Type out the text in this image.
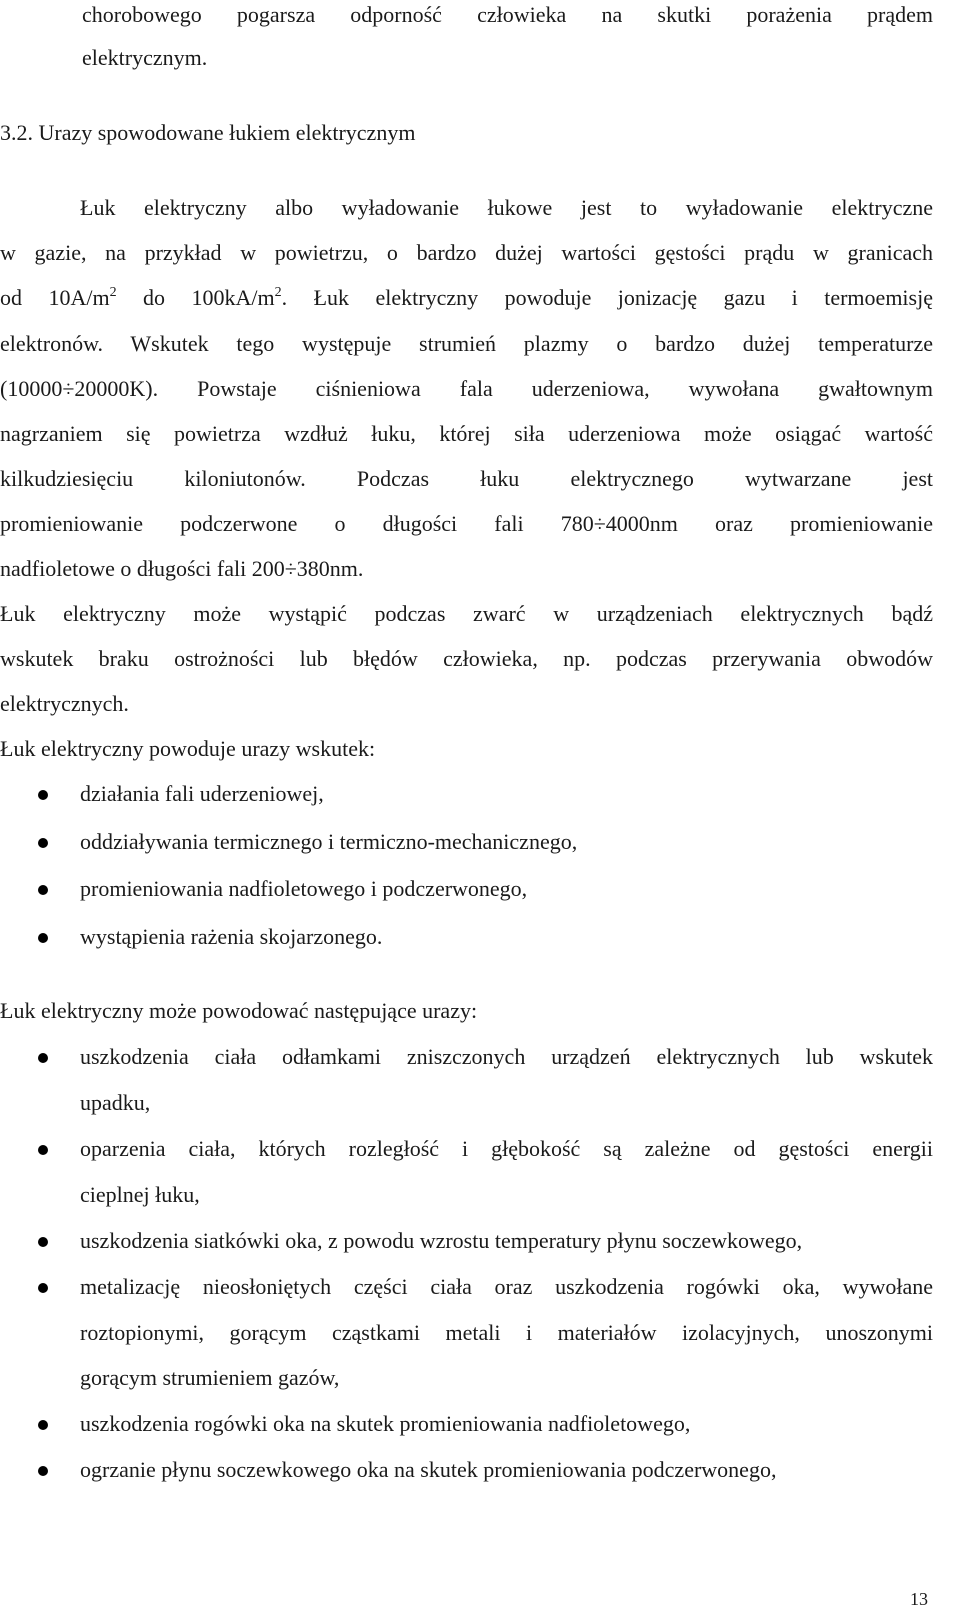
chorobowego pogarsza odporność człowieka na skutki porażenia prądem
elektrycznym.
3.2. Urazy spowodowane łukiem elektrycznym
Łuk elektryczny albo wyładowanie łukowe jest to wyładowanie elektryczne
w gazie, na przykład w powietrzu, o bardzo dużej wartości gęstości prądu w granicach
od $10A/m^2$ do $100kA/m^2$. Łuk elektryczny powoduje jonizację gazu i termoemisję
elektronów. Wskutek tego występuje strumień plazmy o bardzo dużej temperaturze
(10000÷20000K). Powstaje ciśnieniowa fala uderzeniowa, wywołana gwałtownym
nagrzaniem się powietrza wzdłuż łuku, której siła uderzeniowa może osiągać wartość
kilkudziesięciu kiloniutonów. Podczas łuku elektrycznego wytwarzane jest
promieniowanie podczerwone o długości fali 780÷4000nm oraz promieniowanie
nadfioletowe o długości fali 200÷380nm.
Łuk elektryczny może wystąpić podczas zwarć w urządzeniach elektrycznych bądź
wskutek braku ostrożności lub błędów człowieka, np. podczas przerywania obwodów
elektrycznych.
Łuk elektryczny powoduje urazy wskutek:
działania fali uderzeniowej,
oddziaływania termicznego i termiczno-mechanicznego,
promieniowania nadfioletowego i podczerwonego,
wystąpienia rażenia skojarzonego.
Łuk elektryczny może powodować następujące urazy:
uszkodzenia ciała odłamkami zniszczonych urządzeń elektrycznych lub wskutek
upadku,
oparzenia ciała, których rozległość i głębokość są zależne od gęstości energii
cieplnej łuku,
uszkodzenia siatkówki oka, z powodu wzrostu temperatury płynu soczewkowego,
metalizację nieosłoniętych części ciała oraz uszkodzenia rogówki oka, wywołane
roztopionymi, gorącym cząstkami metali i materiałów izolacyjnych, unoszonymi
gorącym strumieniem gazów,
uszkodzenia rogówki oka na skutek promieniowania nadfioletowego,
ogrzanie płynu soczewkowego oka na skutek promieniowania podczerwonego,
13
